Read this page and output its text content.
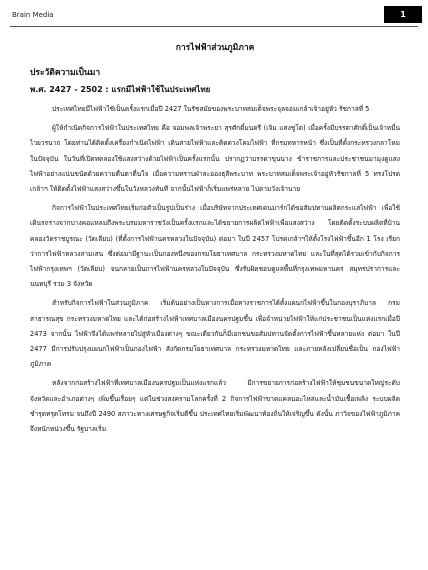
Brain Media	1
การไฟฟ้าส่วนภูมิภาค
ประวัติความเป็นมา
พ.ศ. 2427 - 2502 : แรกมีไฟฟ้าใช้ในประเทศไทย

ประเทศไทยมีไฟฟ้าใช้เป็นครั้งแรกเมื่อปี 2427 ในรัชสมัยของพระบาทสมเด็จพระจุลจอมเกล้าเจ้าอยู่หัว รัชกาลที่ 5

ผู้ให้กำเนิดกิจการไฟฟ้าในประเทศไทย คือ จอมพลเจ้าพระยา สุรศักดิ์มนตรี (เจิม แสงชูโต) เมื่อครั้งมีบรรดาศักดิ์เป็นเจ้าหมื่นไวยวรนาถ โดยท่านได้ติดตั้งเครื่องกำเนิดไฟฟ้า เดินสายไฟฟ้าและติดดวงโคมไฟฟ้า ที่กรมทหารหน้า ซึ่งเป็นที่ตั้งกระทรวงกลาโหมในปัจจุบัน ในวันที่เปิดทดลองใช้แสงสว่างด้วยไฟฟ้าเป็นครั้งแรกนั้น ปรากฏว่าบรรดาขุนนาง ข้าราชการและประชาชนมามุงดูแสงไฟฟ้าอย่างแน่นขนัดด้วยความตื่นตาตื่นใจ เมื่อความทราบฝ่าละอองธุลีพระบาท พระบาทสมเด็จพระเจ้าอยู่หัวรัชกาลที่ 5 ทรงโปรดเกล้าฯ ให้ติดตั้งไฟฟ้าแสงสว่างขึ้นในวังหลวงทันที จากนั้นไฟฟ้าก็เริ่มแพร่หลาย ไปตามวังเจ้านาย

กิจการไฟฟ้าในประเทศไทยเริ่มก่อตัวเป็นรูปเป็นร่าง เมื่อบริษัทจากประเทศเดนมาร์กได้ขอสัมปทานผลิตกระแสไฟฟ้า เพื่อใช้เดินรถรางจากบางคอแหลมถึงพระบรมมหาราชวังเป็นครั้งแรกและได้ขยายการผลิตไฟฟ้าเพื่อแสงสว่าง โดยติดตั้งระบบผลิตที่บ้านคลองวัดราชบูรณะ (วัดเลียบ) (ที่ตั้งการไฟฟ้านครหลวงในปัจจุบัน) ต่อมา ในปี 2457 โปรดเกล้าฯให้ตั้งโรงไฟฟ้าขึ้นอีก 1 โรง เรียกว่าการไฟฟ้าหลวงสามเสน ซึ่งต่อมามีฐานะเป็นกองหนึ่งของกรมโยธาเทศบาล กระทรวงมหาดไทย และในที่สุดได้รวมเข้ากับกิจการไฟฟ้ากรุงเทพฯ (วัดเลียบ) จนกลายเป็นการไฟฟ้านครหลวงในปัจจุบัน ซึ่งรับผิดชอบดูแลพื้นที่กรุงเทพมหานคร สมุทรปราการและนนทบุรี รวม 3 จังหวัด

สำหรับกิจการไฟฟ้าในส่วนภูมิภาค เริ่มต้นอย่างเป็นทางการเมื่อทางราชการได้ตั้งแผนกไฟฟ้าขึ้นในกองบุราภิบาล กรมสาธารณสุข กระทรวงมหาดไทย และได้ก่อสร้างไฟฟ้าเทศบาลเมืองนครปฐมขึ้น เพื่อจำหน่ายไฟฟ้าให้แก่ประชาชนเป็นแห่งแรกเมื่อปี 2473 จากนั้น ไฟฟ้าจึงได้แพร่หลายไปสู่หัวเมืองต่างๆ ขณะเดียวกันก็มีเอกชนขอสัมปทานจัดตั้งการไฟฟ้าขึ้นหลายแห่ง ต่อมา ในปี 2477 มีการปรับปรุงแผนกไฟฟ้าเป็นกองไฟฟ้า สังกัดกรมโยธาเทศบาล กระทรวงมหาดไทย และภายหลังเปลี่ยนชื่อเป็น กองไฟฟ้าภูมิภาค

หลังจากก่อสร้างไฟฟ้าที่เทศบาลเมืองนครปฐมเป็นแห่งแรกแล้ว มีการขยายการก่อสร้างไฟฟ้าให้ชุมชนขนาดใหญ่ระดับจังหวัดและอำเภอต่างๆ เพิ่มขึ้นเรื่อยๆ แต่ในช่วงสงครามโลกครั้งที่ 2 กิจการไฟฟ้าขาดแคลนอะไหล่และน้ำมันเชื้อเพลิง ระบบผลิตชำรุดทรุดโทรม จนถึงปี 2490 สภาวะทางเศรษฐกิจเริ่มดีขึ้น ประเทศไทยเริ่มพัฒนาท้องถิ่นให้เจริญขึ้น ดังนั้น ภาวิจของไฟฟ้าภูมิภาคจึงหนักหน่วงขึ้น รัฐบาลเริ่ม
